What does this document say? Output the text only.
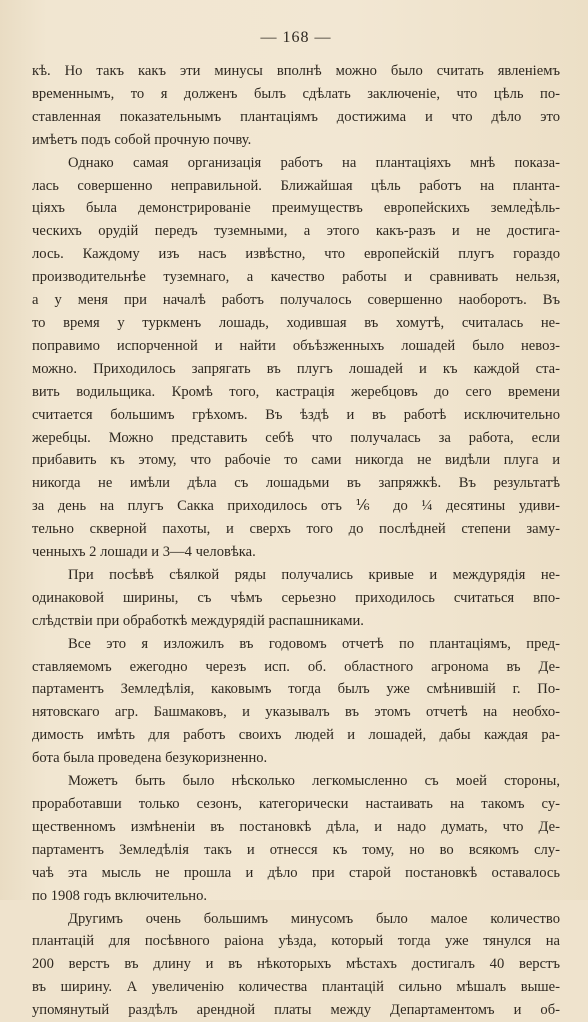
— 168 —
кѣ. Но такъ какъ эти минусы вполнѣ можно было считать явленіемъ
временнымъ, то я долженъ былъ сдѣлать заключеніе, что цѣль по-
ставленная показательнымъ плантаціямъ достижима и что дѣло это
имѣетъ подъ собой прочную почву.
Однако самая организація работъ на плантаціяхъ мнѣ показа-
лась совершенно неправильной. Ближайшая цѣль работъ на планта-
ціяхъ была демонстрированіе преимуществъ европейскихъ землед̀ѣль-
ческихъ орудій передъ туземными, а этого какъ-разъ и не достига-
лось. Каждому изъ насъ извѣстно, что европейскій плугъ гораздо
производительнѣе туземнаго, а качество работы и сравнивать нельзя,
а у меня при началѣ работъ получалось совершенно наоборотъ. Въ
то время у туркменъ лошадь, ходившая въ хомутѣ, считалась не-
поправимо испорченной и найти объѣзженныхъ лошадей было невоз-
можно. Приходилось запрягать въ плугъ лошадей и къ каждой ста-
вить водильщика. Кромѣ того, кастрація жеребцовъ до сего времени
считается большимъ грѣхомъ. Въ ѣздѣ и въ работѣ исключительно
жеребцы. Можно представить себѣ что получалась за работа, если
прибавить къ этому, что рабочіе то сами никогда не видѣли плуга и
никогда не имѣли дѣла съ лошадьми въ запряжкѣ. Въ результатѣ
за день на плугъ Сакка приходилось отъ ⅙ до ¼ десятины удиви-
тельно скверной пахоты, и сверхъ того до послѣдней степени заму-
ченныхъ 2 лошади и 3—4 человѣка.
При посѣвѣ сѣялкой ряды получались кривые и междурядія не-
одинаковой ширины, съ чѣмъ серьезно приходилось считаться впо-
слѣдствіи при обработкѣ междурядій распашниками.
Все это я изложилъ въ годовомъ отчетѣ по плантаціямъ, пред-
ставляемомъ ежегодно черезъ исп. об. областного агронома въ Де-
партаментъ Земледѣлія, каковымъ тогда былъ уже смѣнившій г. По-
нятовскаго агр. Башмаковъ, и указывалъ въ этомъ отчетѣ на необхо-
димость имѣть для работъ своихъ людей и лошадей, дабы каждая ра-
бота была проведена безукоризненно.
Можетъ быть было нѣсколько легкомысленно съ моей стороны,
проработавши только сезонъ, категорически настаивать на такомъ су-
щественномъ измѣненіи въ постановкѣ дѣла, и надо думать, что Де-
партаментъ Земледѣлія такъ и отнесся къ тому, но во всякомъ слу-
чаѣ эта мысль не прошла и дѣло при старой постановкѣ оставалось
по 1908 годъ включительно.
Другимъ очень большимъ минусомъ было малое количество
плантацій для посѣвного раіона уѣзда, который тогда уже тянулся на
200 верстъ въ длину и въ нѣкоторыхъ мѣстахъ достигалъ 40 верстъ
въ ширину. А увеличенію количества плантацій сильно мѣшалъ выше-
упомянутый раздѣлъ арендной платы между Департаментомъ и об-
